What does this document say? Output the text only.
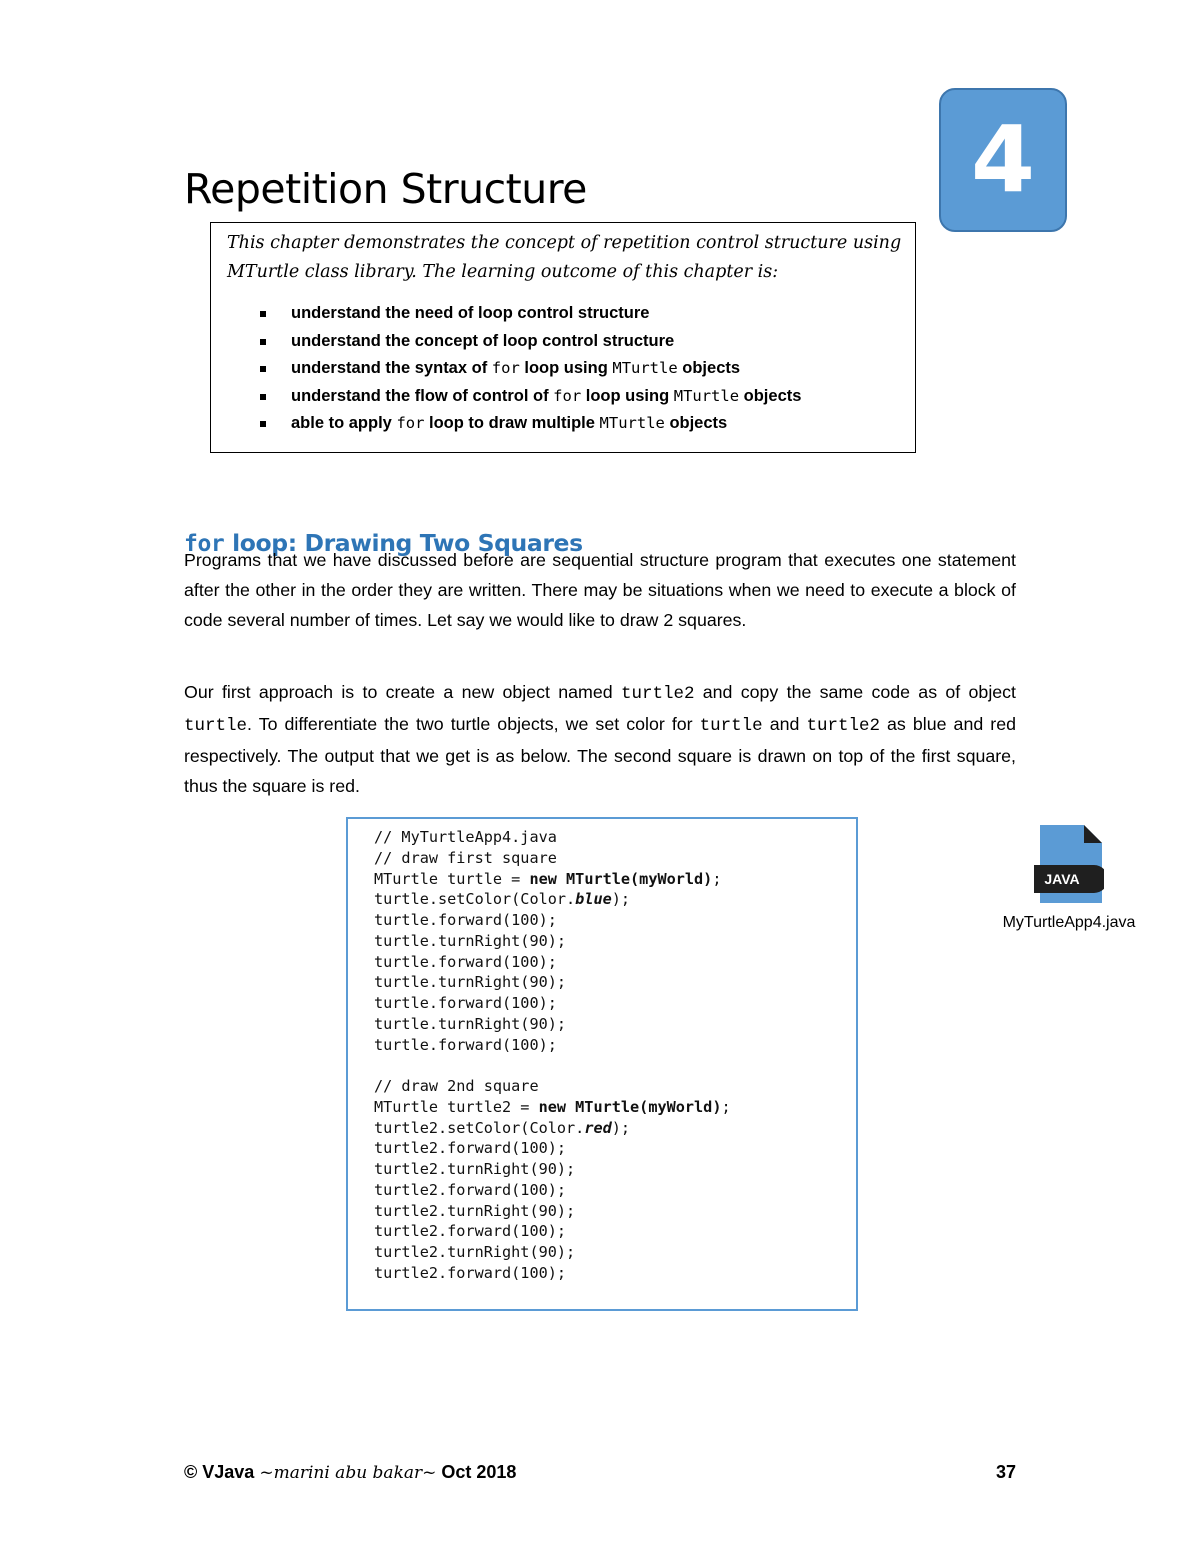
Repetition Structure	4
This chapter demonstrates the concept of repetition control structure using MTurtle class library. The learning outcome of this chapter is:
understand the need of loop control structure
understand the concept of loop control structure
understand the syntax of for loop using MTurtle objects
understand the flow of control of for loop using MTurtle objects
able to apply for loop to draw multiple MTurtle objects
for loop: Drawing Two Squares

Programs that we have discussed before are sequential structure program that executes one statement after the other in the order they are written. There may be situations when we need to execute a block of code several number of times. Let say we would like to draw 2 squares.

Our first approach is to create a new object named turtle2 and copy the same code as of object turtle. To differentiate the two turtle objects, we set color for turtle and turtle2 as blue and red respectively. The output that we get is as below. The second square is drawn on top of the first square, thus the square is red.

// MyTurtleApp4.java
// draw first square
MTurtle turtle = new MTurtle(myWorld);
turtle.setColor(Color.blue);
turtle.forward(100);
turtle.turnRight(90);
turtle.forward(100);
turtle.turnRight(90);
turtle.forward(100);
turtle.turnRight(90);
turtle.forward(100);

// draw 2nd square
MTurtle turtle2 = new MTurtle(myWorld);
turtle2.setColor(Color.red);
turtle2.forward(100);
turtle2.turnRight(90);
turtle2.forward(100);
turtle2.turnRight(90);
turtle2.forward(100);
turtle2.turnRight(90);
turtle2.forward(100);
JAVA
MyTurtleApp4.java
© VJava ~marini abu bakar~ Oct 2018	37
